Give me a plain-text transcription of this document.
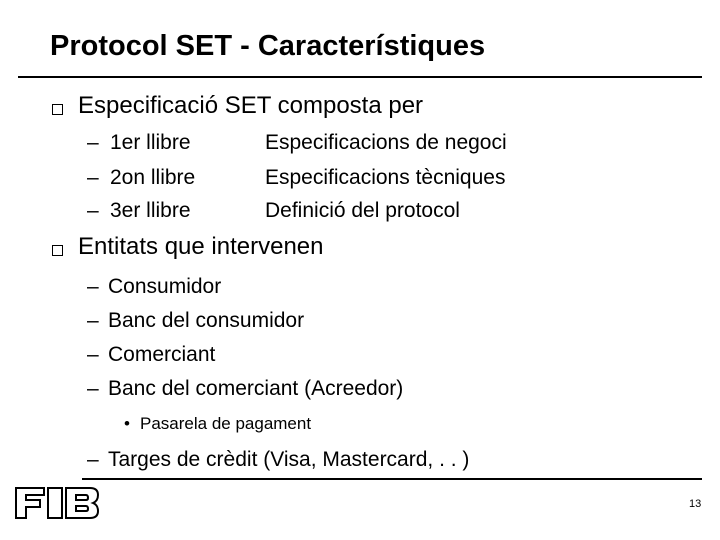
Protocol SET - Característiques
Especificació SET composta per
– 1er llibre	Especificacions de negoci
– 2on llibre	Especificacions tècniques
– 3er llibre	Definició del protocol
Entitats que intervenen
– Consumidor
– Banc del consumidor
– Comerciant
– Banc del comerciant (Acreedor)
• Pasarela de pagament
– Targes de crèdit (Visa, Mastercard, . . )
13
